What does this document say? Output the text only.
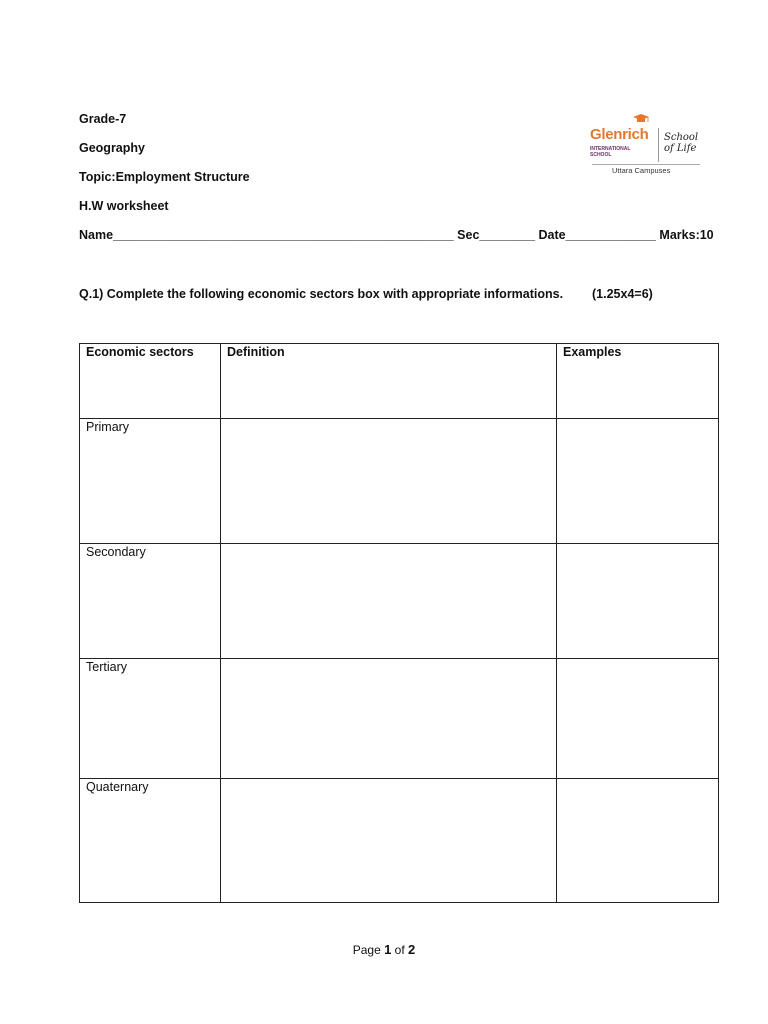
Grade-7
Geography
Topic:Employment Structure
H.W worksheet
Name_________________________________________________ Sec________ Date_____________ Marks:10
Glenrich
INTERNATIONAL SCHOOL
School of Life
Uttara Campuses
Q.1) Complete the following economic sectors box with appropriate informations. (1.25x4=6)
Economic sectors	Definition	Examples
Primary		
Secondary		
Tertiary		
Quaternary		
Page 1 of 2
